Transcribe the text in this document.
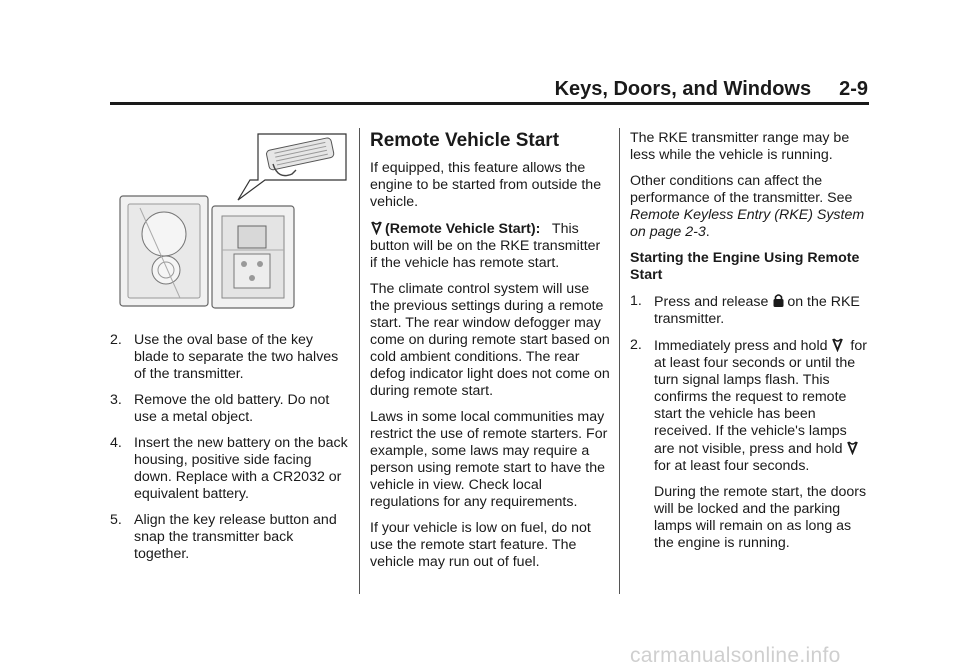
Keys, Doors, and Windows 2-9
2. Use the oval base of the key blade to separate the two halves of the transmitter.
3. Remove the old battery. Do not use a metal object.
4. Insert the new battery on the back housing, positive side facing down. Replace with a CR2032 or equivalent battery.
5. Align the key release button and snap the transmitter back together.
Remote Vehicle Start

If equipped, this feature allows the engine to be started from outside the vehicle.

(Remote Vehicle Start): This button will be on the RKE transmitter if the vehicle has remote start.

The climate control system will use the previous settings during a remote start. The rear window defogger may come on during remote start based on cold ambient conditions. The rear defog indicator light does not come on during remote start.

Laws in some local communities may restrict the use of remote starters. For example, some laws may require a person using remote start to have the vehicle in view. Check local regulations for any requirements.

If your vehicle is low on fuel, do not use the remote start feature. The vehicle may run out of fuel.

The RKE transmitter range may be less while the vehicle is running.

Other conditions can affect the performance of the transmitter. See Remote Keyless Entry (RKE) System on page 2-3.

Starting the Engine Using Remote Start
1. Press and release on the RKE transmitter.
2. Immediately press and hold for at least four seconds or until the turn signal lamps flash. This confirms the request to remote start the vehicle has been received. If the vehicle's lamps are not visible, press and hold for at least four seconds.
During the remote start, the doors will be locked and the parking lamps will remain on as long as the engine is running.
carmanualsonline.info
